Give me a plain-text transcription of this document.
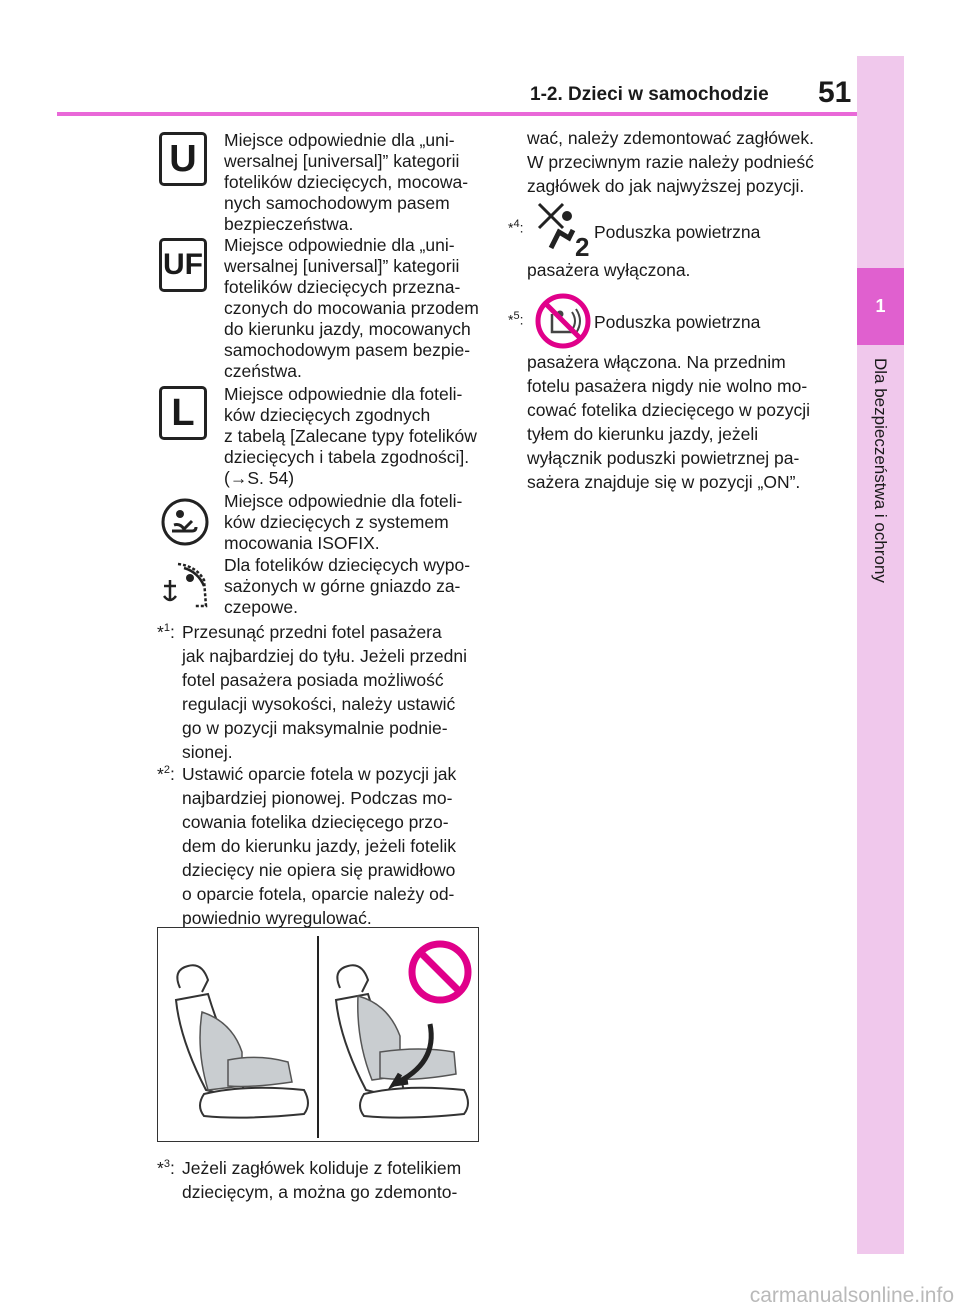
1-2. Dzieci w samochodzie 51
1
Dla bezpieczeństwa i ochrony
U
UF
L
Miejsce odpowiednie dla „uni-
wersalnej [universal]” kategorii
fotelików dziecięcych, mocowa-
nych samochodowym pasem
bezpieczeństwa.
Miejsce odpowiednie dla „uni-
wersalnej [universal]” kategorii
fotelików dziecięcych przezna-
czonych do mocowania przodem
do kierunku jazdy, mocowanych
samochodowym pasem bezpie-
czeństwa.
Miejsce odpowiednie dla foteli-
ków dziecięcych zgodnych
z tabelą [Zalecane typy fotelików
dziecięcych i tabela zgodności].
(→S. 54)
Miejsce odpowiednie dla foteli-
ków dziecięcych z systemem
mocowania ISOFIX.
Dla fotelików dziecięcych wypo-
sażonych w górne gniazdo za-
czepowe.
*$^1$: Przesunąć przedni fotel pasażera
jak najbardziej do tyłu. Jeżeli przedni
fotel pasażera posiada możliwość
regulacji wysokości, należy ustawić
go w pozycji maksymalnie podnie-
sionej.
*$^2$: Ustawić oparcie fotela w pozycji jak
najbardziej pionowej. Podczas mo-
cowania fotelika dziecięcego przo-
dem do kierunku jazdy, jeżeli fotelik
dziecięcy nie opiera się prawidłowo
o oparcie fotela, oparcie należy od-
powiednio wyregulować.
*$^3$: Jeżeli zagłówek koliduje z fotelikiem
dziecięcym, a można go zdemonto-
wać, należy zdemontować zagłówek.
W przeciwnym razie należy podnieść
zagłówek do jak najwyższej pozycji.
*$^4$:
2 Poduszka powietrzna
pasażera wyłączona.
*$^5$:	Poduszka powietrzna
pasażera włączona. Na przednim
fotelu pasażera nigdy nie wolno mo-
cować fotelika dziecięcego w pozycji
tyłem do kierunku jazdy, jeżeli
wyłącznik poduszki powietrznej pa-
sażera znajduje się w pozycji „ON”.
carmanualsonline.info
